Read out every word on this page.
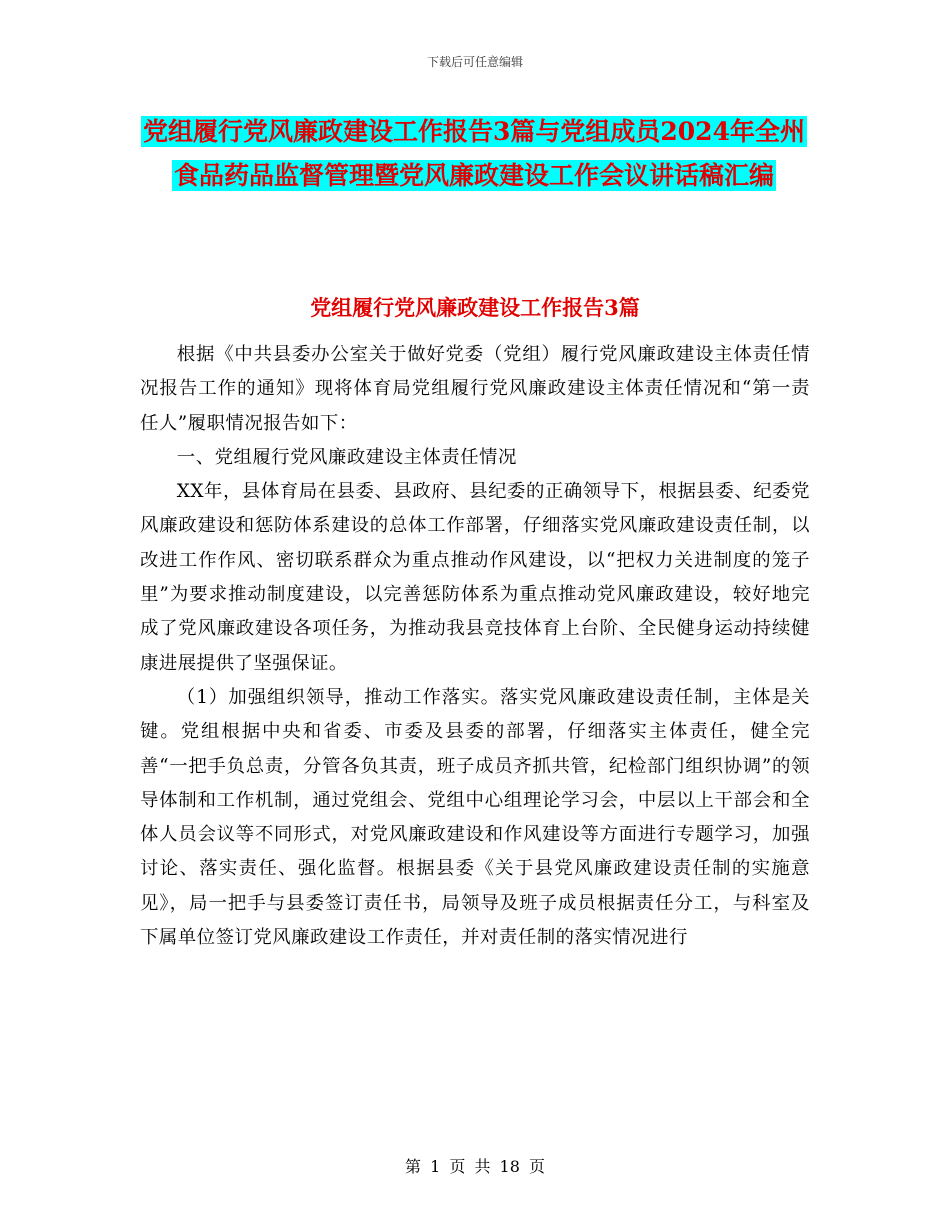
下载后可任意编辑
党组履行党风廉政建设工作报告3篇与党组成员2024年全州食品药品监督管理暨党风廉政建设工作会议讲话稿汇编
党组履行党风廉政建设工作报告3篇

根据《中共县委办公室关于做好党委（党组）履行党风廉政建设主体责任情况报告工作的通知》现将体育局党组履行党风廉政建设主体责任情况和“第一责任人”履职情况报告如下：

一、党组履行党风廉政建设主体责任情况

XX年，县体育局在县委、县政府、县纪委的正确领导下，根据县委、纪委党风廉政建设和惩防体系建设的总体工作部署，仔细落实党风廉政建设责任制，以改进工作作风、密切联系群众为重点推动作风建设，以“把权力关进制度的笼子里”为要求推动制度建设，以完善惩防体系为重点推动党风廉政建设，较好地完成了党风廉政建设各项任务，为推动我县竞技体育上台阶、全民健身运动持续健康进展提供了坚强保证。

（1）加强组织领导，推动工作落实。落实党风廉政建设责任制，主体是关键。党组根据中央和省委、市委及县委的部署，仔细落实主体责任，健全完善“一把手负总责，分管各负其责，班子成员齐抓共管，纪检部门组织协调”的领导体制和工作机制，通过党组会、党组中心组理论学习会，中层以上干部会和全体人员会议等不同形式，对党风廉政建设和作风建设等方面进行专题学习，加强讨论、落实责任、强化监督。根据县委《关于县党风廉政建设责任制的实施意见》，局一把手与县委签订责任书，局领导及班子成员根据责任分工，与科室及下属单位签订党风廉政建设工作责任，并对责任制的落实情况进行

第 1 页 共 18 页
